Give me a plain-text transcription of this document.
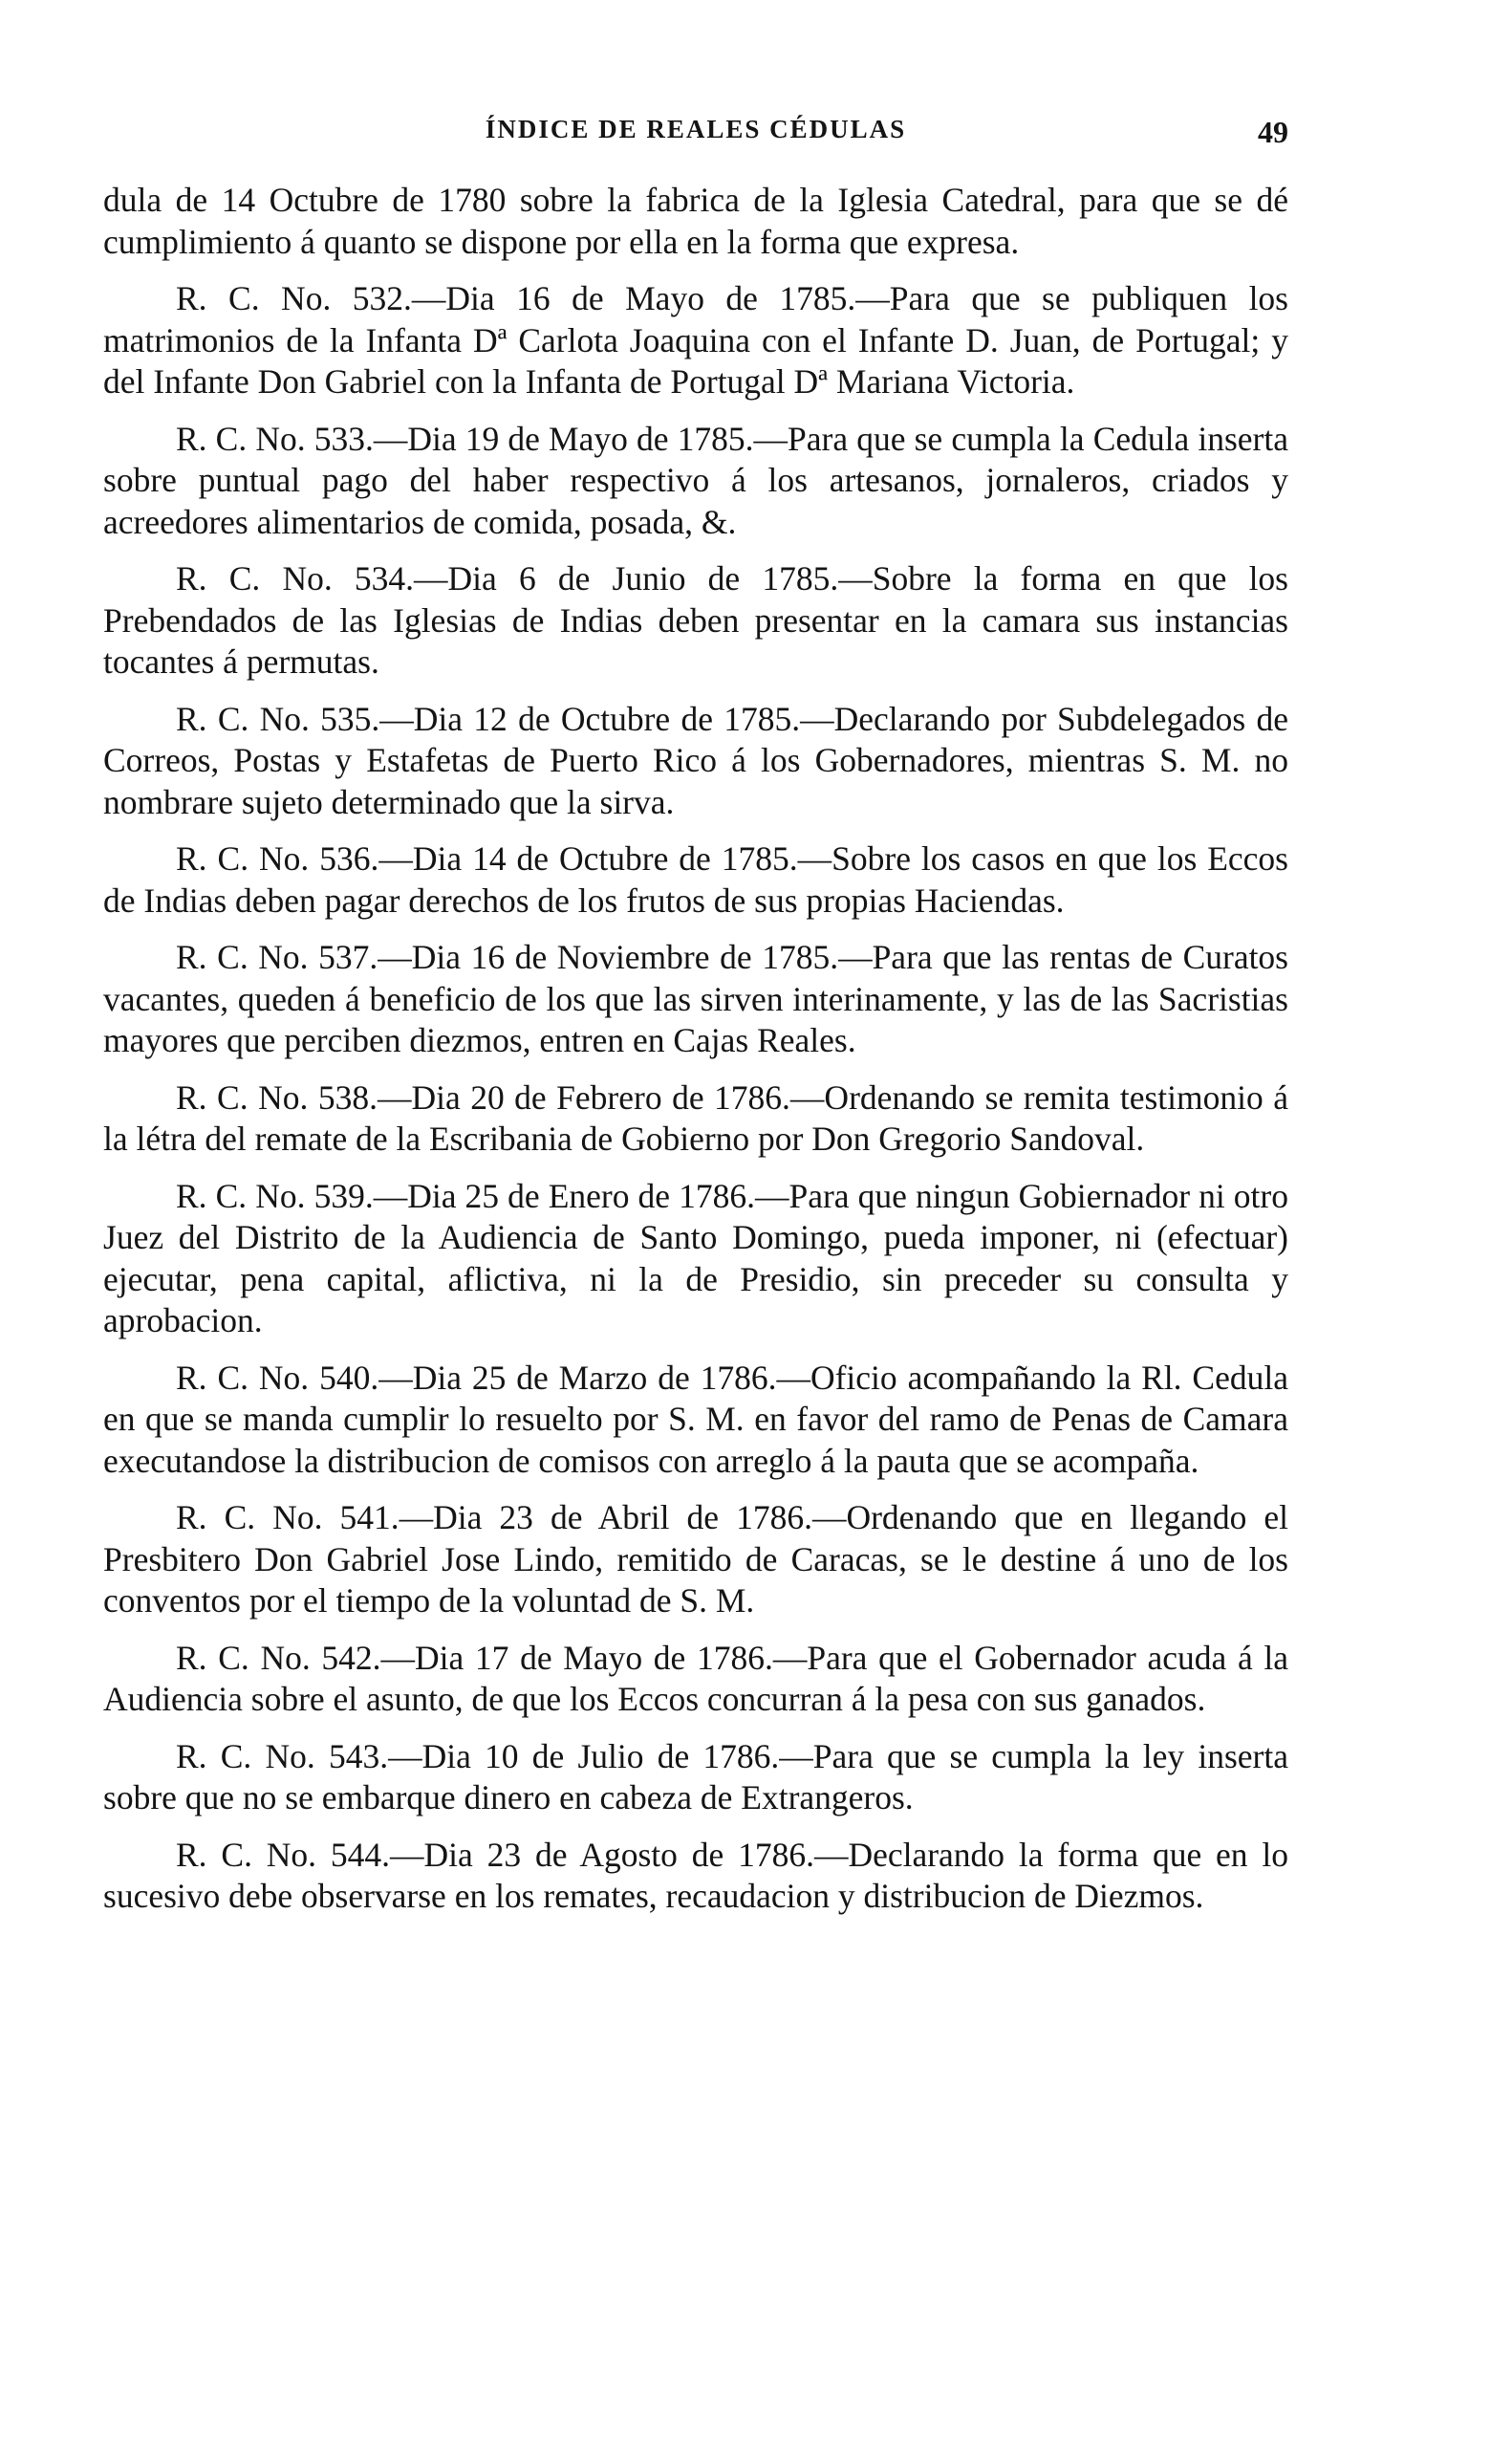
ÍNDICE DE REALES CÉDULAS	49

dula de 14 Octubre de 1780 sobre la fabrica de la Iglesia Catedral, para que se dé cumplimiento á quanto se dispone por ella en la forma que expresa.

R. C. No. 532.—Dia 16 de Mayo de 1785.—Para que se publiquen los matrimonios de la Infanta Dª Carlota Joaquina con el Infante D. Juan, de Portugal; y del Infante Don Gabriel con la Infanta de Portugal Dª Mariana Victoria.

R. C. No. 533.—Dia 19 de Mayo de 1785.—Para que se cumpla la Cedula inserta sobre puntual pago del haber respectivo á los artesanos, jornaleros, criados y acreedores alimentarios de comida, posada, &.

R. C. No. 534.—Dia 6 de Junio de 1785.—Sobre la forma en que los Prebendados de las Iglesias de Indias deben presentar en la camara sus instancias tocantes á permutas.

R. C. No. 535.—Dia 12 de Octubre de 1785.—Declarando por Subdelegados de Correos, Postas y Estafetas de Puerto Rico á los Gobernadores, mientras S. M. no nombrare sujeto determinado que la sirva.

R. C. No. 536.—Dia 14 de Octubre de 1785.—Sobre los casos en que los Eccos de Indias deben pagar derechos de los frutos de sus propias Haciendas.

R. C. No. 537.—Dia 16 de Noviembre de 1785.—Para que las rentas de Curatos vacantes, queden á beneficio de los que las sirven interinamente, y las de las Sacristias mayores que perciben diezmos, entren en Cajas Reales.

R. C. No. 538.—Dia 20 de Febrero de 1786.—Ordenando se remita testimonio á la létra del remate de la Escribania de Gobierno por Don Gregorio Sandoval.

R. C. No. 539.—Dia 25 de Enero de 1786.—Para que ningun Gobiernador ni otro Juez del Distrito de la Audiencia de Santo Domingo, pueda imponer, ni (efectuar) ejecutar, pena capital, aflictiva, ni la de Presidio, sin preceder su consulta y aprobacion.

R. C. No. 540.—Dia 25 de Marzo de 1786.—Oficio acompañando la Rl. Cedula en que se manda cumplir lo resuelto por S. M. en favor del ramo de Penas de Camara executandose la distribucion de comisos con arreglo á la pauta que se acompaña.

R. C. No. 541.—Dia 23 de Abril de 1786.—Ordenando que en llegando el Presbitero Don Gabriel Jose Lindo, remitido de Caracas, se le destine á uno de los conventos por el tiempo de la voluntad de S. M.

R. C. No. 542.—Dia 17 de Mayo de 1786.—Para que el Gobernador acuda á la Audiencia sobre el asunto, de que los Eccos concurran á la pesa con sus ganados.

R. C. No. 543.—Dia 10 de Julio de 1786.—Para que se cumpla la ley inserta sobre que no se embarque dinero en cabeza de Extrangeros.

R. C. No. 544.—Dia 23 de Agosto de 1786.—Declarando la forma que en lo sucesivo debe observarse en los remates, recaudacion y distribucion de Diezmos.
